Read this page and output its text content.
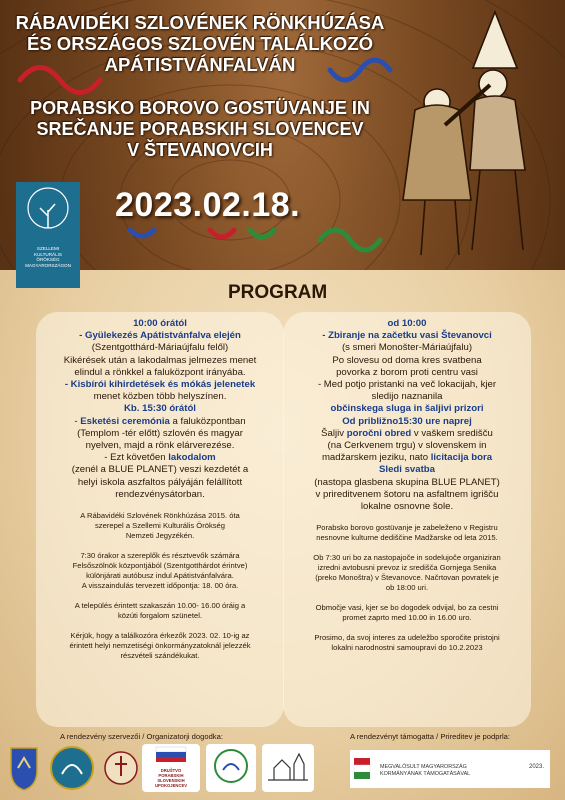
RÁBAVIDÉKI SZLOVÉNEK RÖNKHÚZÁSA
ÉS ORSZÁGOS SZLOVÉN TALÁLKOZÓ
APÁTISTVÁNFALVÁN
PORABSKO BOROVO GOSTÜVANJE IN
SREČANJE PORABSKIH SLOVENCEV
V ŠTEVANOVCIH
2023.02.18.
SZELLEMI
KULTURÁLIS
ÖRÖKSÉG
MAGYARORSZÁGON
PROGRAM

10:00 órától

- Gyülekezés Apátistvánfalva elején

(Szentgotthárd-Máriaújfalu felől)

Kikérések után a lakodalmas jelmezes menet

elindul a rönkkel a faluközpont irányába.

- Kisbírói kihirdetések és mókás jelenetek

menet közben több helyszínen.

Kb. 15:30 órától

- Esketési ceremónia a faluközpontban

(Templom -tér előtt) szlovén és magyar

nyelven, majd a rönk elárverezése.

- Ezt követően lakodalom

(zenél a BLUE PLANET) veszi kezdetét a

helyi iskola aszfaltos pályáján felállított

rendezvénysátorban.

A Rábavidéki Szlovének Rönkhúzása 2015. óta

szerepel a Szellemi Kulturális Örökség

Nemzeti Jegyzékén.

7:30 órakor a szereplők és résztvevők számára

Felsőszölnök központjából (Szentgotthárdot érintve)

különjárati autóbusz indul Apátistvánfalvára.

A visszaindulás tervezett időpontja: 18. 00 óra.

A település érintett szakaszán 10.00- 16.00 óráig a

közúti forgalom szünetel.

Kérjük, hogy a találkozóra érkezők 2023. 02. 10-ig az

érintett helyi nemzetiségi önkormányzatoknál jelezzék

részvételi szándékukat.

od 10:00

- Zbiranje na začetku vasi Števanovci

(s smeri Monošter-Máriaújfalu)

Po slovesu od doma kres svatbena

povorka z borom proti centru vasi

- Med potjo pristanki na več lokacijah, kjer

sledijo naznanila

občinskega sluga in šaljivi prizori

Od približno15:30 ure naprej

Šaljiv poročni obred v vaškem središču

(na Cerkvenem trgu) v slovenskem in

madžarskem jeziku, nato licitacija bora

Sledi svatba

(nastopa glasbena skupina BLUE PLANET)

v prireditvenem šotoru na asfaltnem igrišču

lokalne osnovne šole.

Porabsko borovo gostüvanje je zabeleženo v Registru

nesnovne kulturne dediščine Madžarske od leta 2015.

Ob 7:30 uri bo za nastopajoče in sodelujoče organiziran

izredni avtobusni prevoz iz središča Gornjega Senika

(preko Monoštra) v Števanovce. Načrtovan povratek je

ob 18:00 uri.

Območje vasi, kjer se bo dogodek odvijal, bo za cestni

promet zaprto med 10.00 in 16.00 uro.

Prosimo, da svoj interes za udeležbo sporočite pristojni

lokalni narodnostni samoupravi do 10.2.2023

A rendezvény szervezői / Organizatorji dogodka:	A rendezvényt támogatta / Prireditev je podprla:
DRUŠTVO
PORABSKIH
SLOVENSKIH
UPOKOJENCEV
MEGVALÓSULT MAGYARORSZÁG
KORMÁNYÁNAK TÁMOGATÁSÁVAL
2023.
